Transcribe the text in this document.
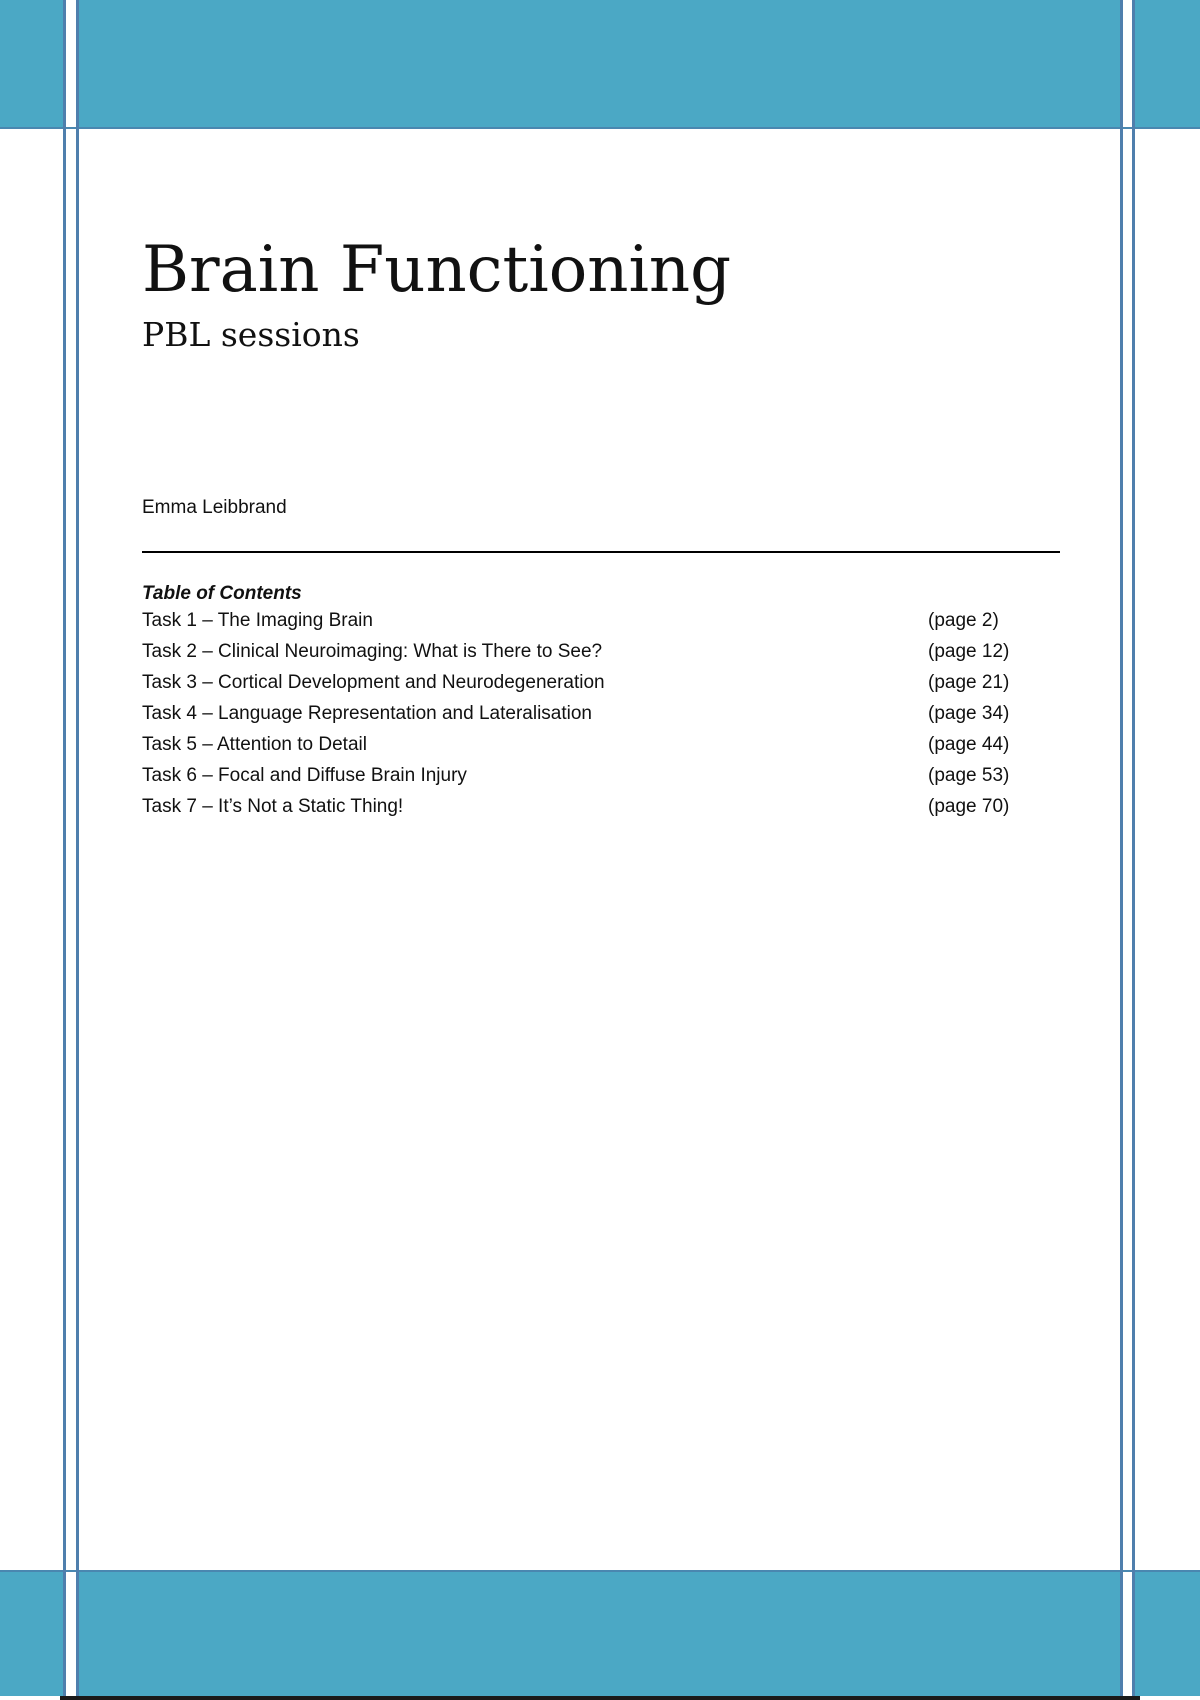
Brain Functioning

PBL sessions

Emma Leibbrand
Table of Contents
Task 1 – The Imaging Brain	(page 2)
Task 2 – Clinical Neuroimaging: What is There to See?	(page 12)
Task 3 – Cortical Development and Neurodegeneration	(page 21)
Task 4 – Language Representation and Lateralisation	(page 34)
Task 5 – Attention to Detail	(page 44)
Task 6 – Focal and Diffuse Brain Injury	(page 53)
Task 7 – It’s Not a Static Thing!	(page 70)
